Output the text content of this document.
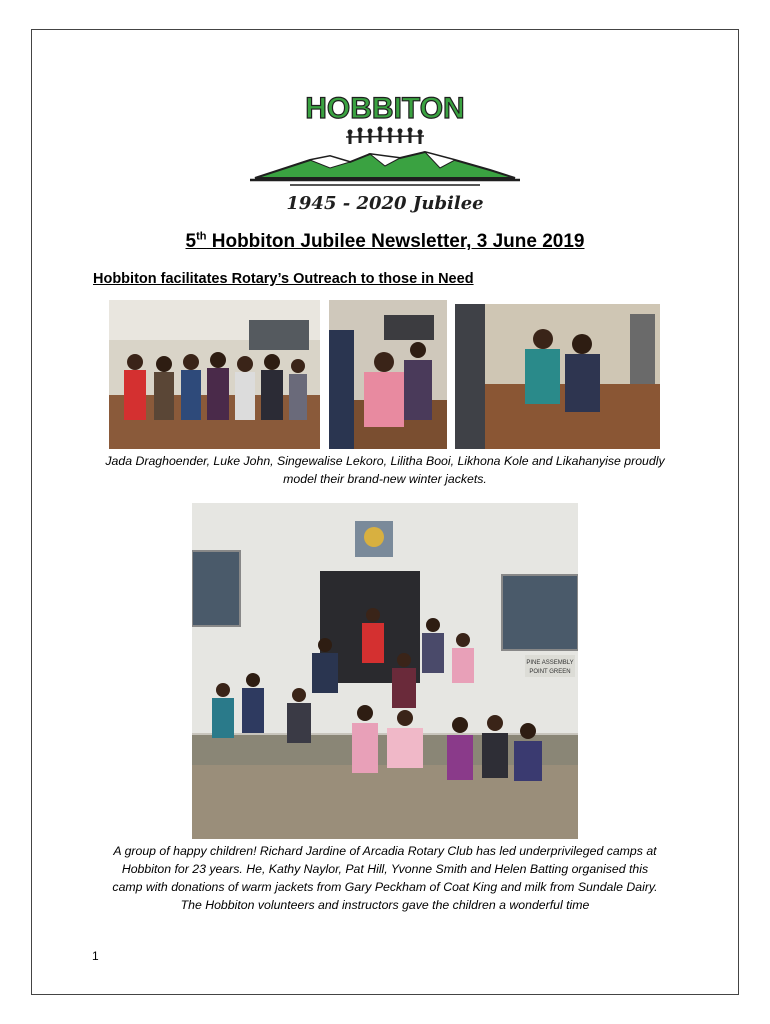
HOBBITON
1945 - 2020 Jubilee
5th Hobbiton Jubilee Newsletter, 3 June 2019
Hobbiton facilitates Rotary’s Outreach to those in Need
Jada Draghoender, Luke John, Singewalise Lekoro, Lilitha Booi, Likhona Kole and Likahanyise proudly
model their brand-new winter jackets.
PINE ASSEMBLY
POINT GREEN
A group of happy children! Richard Jardine of Arcadia Rotary Club has led underprivileged camps at
Hobbiton for 23 years. He, Kathy Naylor, Pat Hill, Yvonne Smith and Helen Batting organised this
camp with donations of warm jackets from Gary Peckham of Coat King and milk from Sundale Dairy.
The Hobbiton volunteers and instructors gave the children a wonderful time
1
